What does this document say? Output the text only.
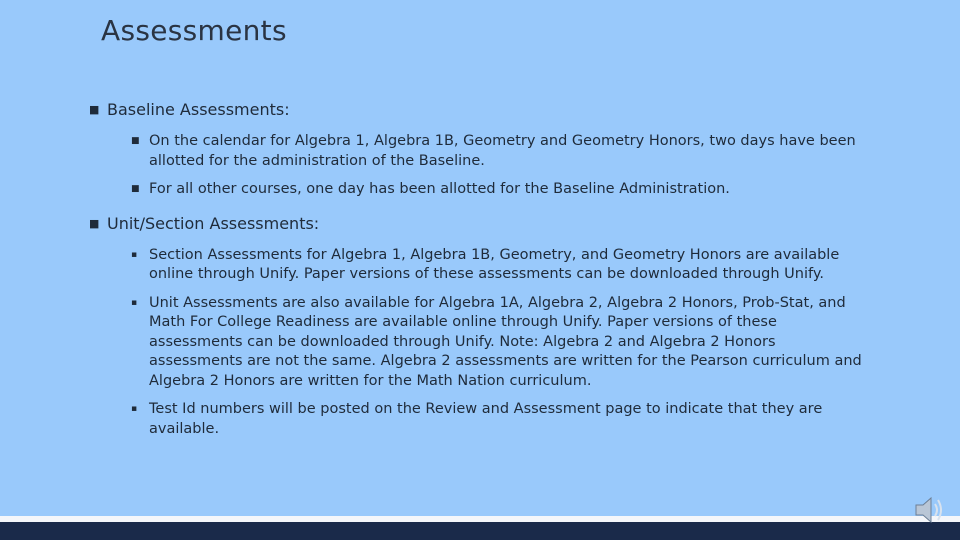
Assessments
■ Baseline Assessments:
■ On the calendar for Algebra 1, Algebra 1B, Geometry and Geometry Honors, two days have been allotted for the administration of the Baseline.
■ For all other courses, one day has been allotted for the Baseline Administration.
■ Unit/Section Assessments:
▪ Section Assessments for Algebra 1, Algebra 1B, Geometry, and Geometry Honors are available online through Unify. Paper versions of these assessments can be downloaded through Unify.
▪ Unit Assessments are also available for Algebra 1A, Algebra 2, Algebra 2 Honors, Prob-Stat, and Math For College Readiness are available online through Unify. Paper versions of these assessments can be downloaded through Unify. Note: Algebra 2 and Algebra 2 Honors assessments are not the same. Algebra 2 assessments are written for the Pearson curriculum and Algebra 2 Honors are written for the Math Nation curriculum.
▪ Test Id numbers will be posted on the Review and Assessment page to indicate that they are available.
